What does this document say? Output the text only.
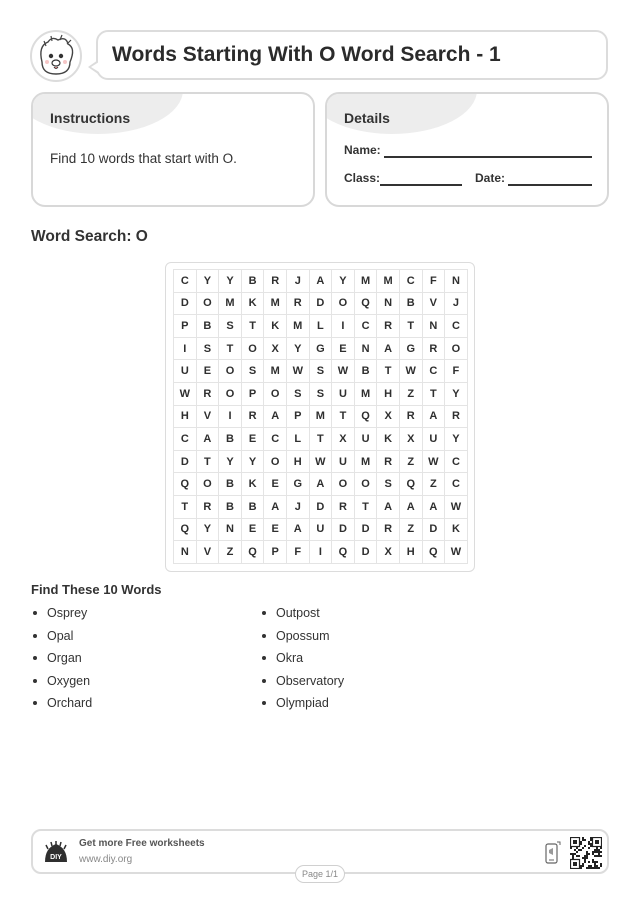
Words Starting With O Word Search - 1
Instructions
Find 10 words that start with O.
Details
Name:
Class:	Date:
Word Search: O
C	Y	Y	B	R	J	A	Y	M	M	C	F	N
D	O	M	K	M	R	D	O	Q	N	B	V	J
P	B	S	T	K	M	L	I	C	R	T	N	C
I	S	T	O	X	Y	G	E	N	A	G	R	O
U	E	O	S	M	W	S	W	B	T	W	C	F
W	R	O	P	O	S	S	U	M	H	Z	T	Y
H	V	I	R	A	P	M	T	Q	X	R	A	R
C	A	B	E	C	L	T	X	U	K	X	U	Y
D	T	Y	Y	O	H	W	U	M	R	Z	W	C
Q	O	B	K	E	G	A	O	O	S	Q	Z	C
T	R	B	B	A	J	D	R	T	A	A	A	W
Q	Y	N	E	E	A	U	D	D	R	Z	D	K
N	V	Z	Q	P	F	I	Q	D	X	H	Q	W
Find These 10 Words
Osprey
Opal
Organ
Oxygen
Orchard
Outpost
Opossum
Okra
Observatory
Olympiad
DIY
Get more Free worksheets
www.diy.org
Page 1/1
